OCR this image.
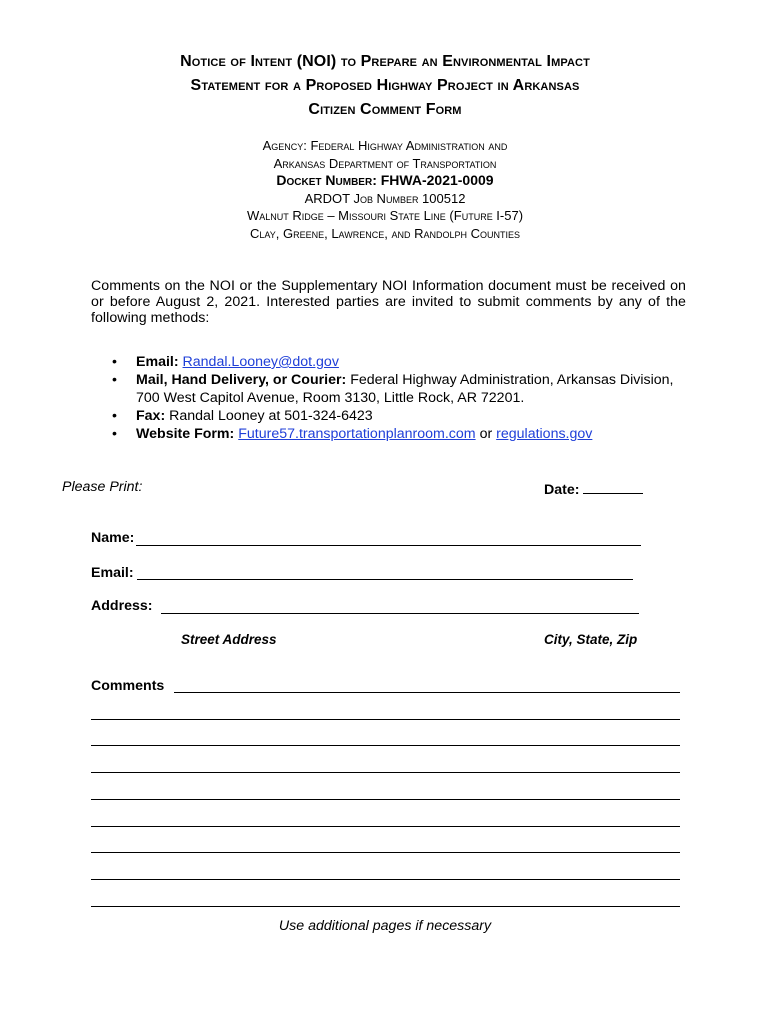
Notice of Intent (NOI) to Prepare an Environmental Impact
Statement for a Proposed Highway Project in Arkansas
Citizen Comment Form
Agency: Federal Highway Administration and
Arkansas Department of Transportation
Docket Number: FHWA-2021-0009
ARDOT Job Number 100512
Walnut Ridge – Missouri State Line (Future I-57)
Clay, Greene, Lawrence, and Randolph Counties
Comments on the NOI or the Supplementary NOI Information document must be received on or before August 2, 2021. Interested parties are invited to submit comments by any of the following methods:
• Email: Randal.Looney@dot.gov
• Mail, Hand Delivery, or Courier: Federal Highway Administration, Arkansas Division, 700 West Capitol Avenue, Room 3130, Little Rock, AR 72201.
• Fax: Randal Looney at 501-324-6423
• Website Form: Future57.transportationplanroom.com or regulations.gov
Please Print:	Date:
Name:
Email:
Address:
Street Address	City, State, Zip
Comments
Use additional pages if necessary
